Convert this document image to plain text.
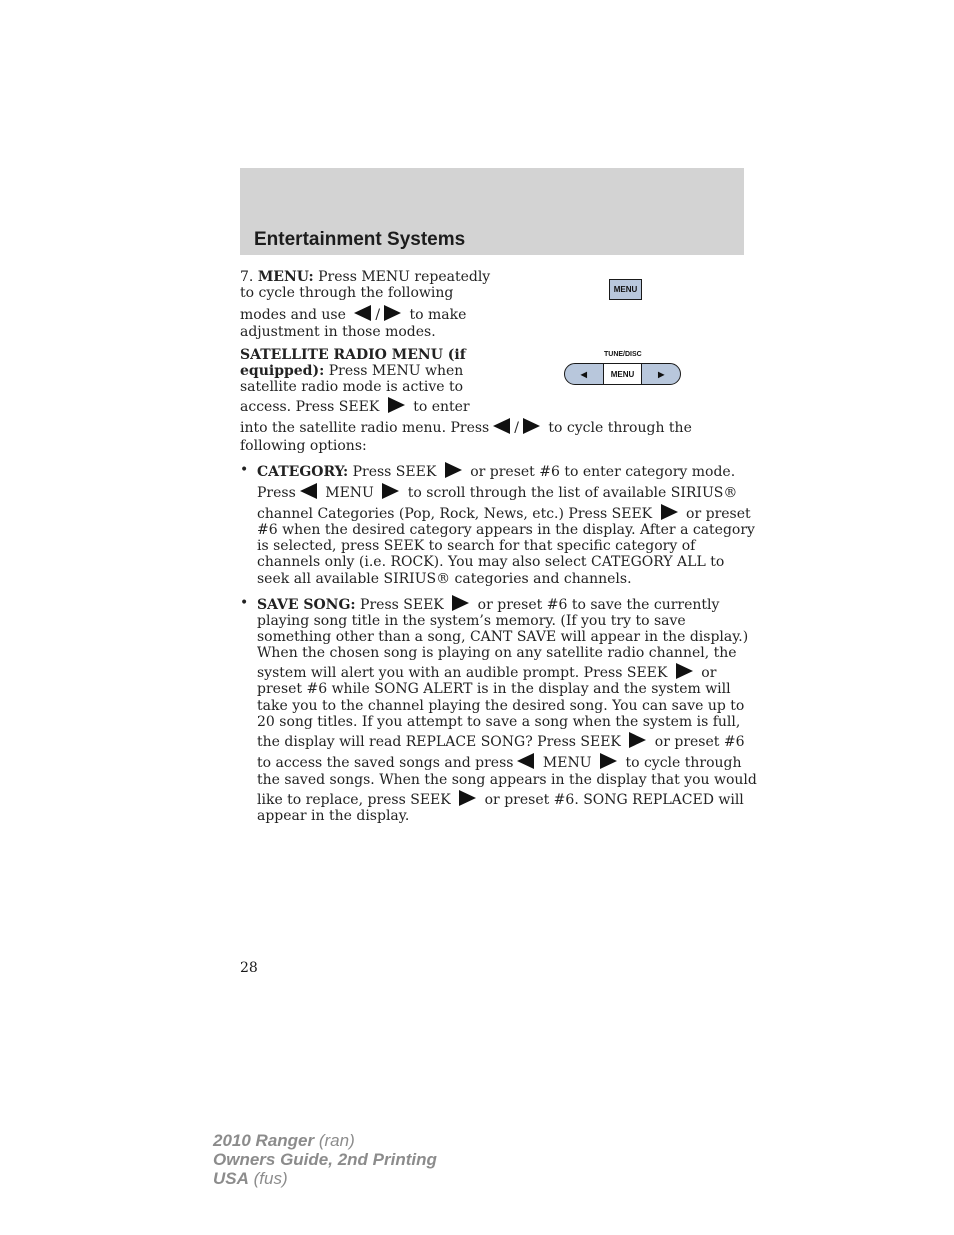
Entertainment Systems
7. MENU: Press MENU repeatedly
to cycle through the following
modes and use / to make
adjustment in those modes.
MENU
SATELLITE RADIO MENU (if
equipped): Press MENU when
satellite radio mode is active to
access. Press SEEK to enter
into the satellite radio menu. Press / to cycle through the
following options:
TUNE/DISC
◀	MENU	▶
• CATEGORY: Press SEEK or preset #6 to enter category mode.
Press MENU to scroll through the list of available SIRIUS®
channel Categories (Pop, Rock, News, etc.) Press SEEK or preset
#6 when the desired category appears in the display. After a category
is selected, press SEEK to search for that specific category of
channels only (i.e. ROCK). You may also select CATEGORY ALL to
seek all available SIRIUS® categories and channels.
• SAVE SONG: Press SEEK or preset #6 to save the currently
playing song title in the system’s memory. (If you try to save
something other than a song, CANT SAVE will appear in the display.)
When the chosen song is playing on any satellite radio channel, the
system will alert you with an audible prompt. Press SEEK or
preset #6 while SONG ALERT is in the display and the system will
take you to the channel playing the desired song. You can save up to
20 song titles. If you attempt to save a song when the system is full,
the display will read REPLACE SONG? Press SEEK or preset #6
to access the saved songs and press MENU to cycle through
the saved songs. When the song appears in the display that you would
like to replace, press SEEK or preset #6. SONG REPLACED will
appear in the display.
28
2010 Ranger (ran)
Owners Guide, 2nd Printing
USA (fus)
